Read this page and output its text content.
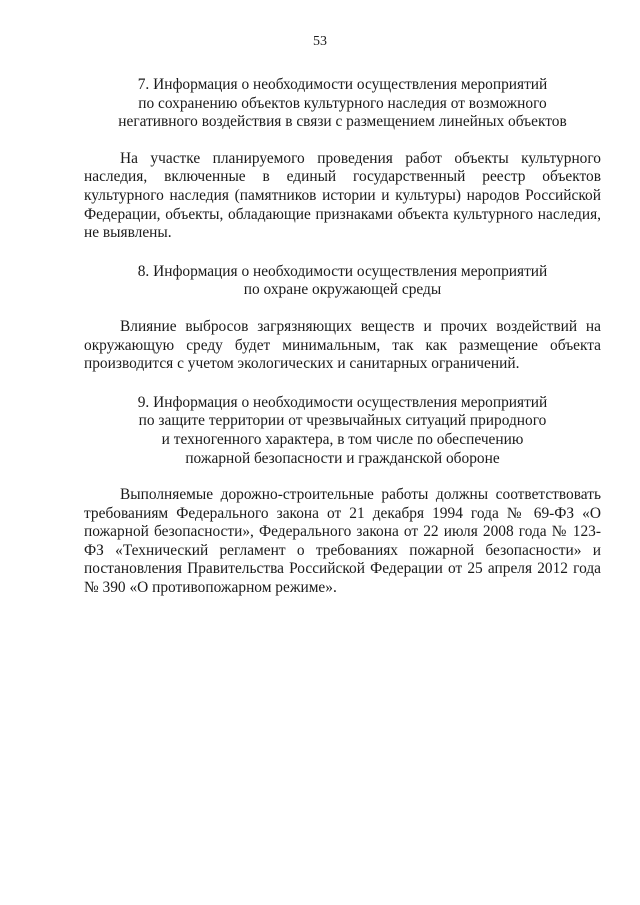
53

7. Информация о необходимости осуществления мероприятий
по сохранению объектов культурного наследия от возможного
негативного воздействия в связи с размещением линейных объектов

На участке планируемого проведения работ объекты культурного наследия, включенные в единый государственный реестр объектов культурного наследия (памятников истории и культуры) народов Российской Федерации, объекты, обладающие признаками объекта культурного наследия, не выявлены.

8. Информация о необходимости осуществления мероприятий
по охране окружающей среды

Влияние выбросов загрязняющих веществ и прочих воздействий на окружающую среду будет минимальным, так как размещение объекта производится с учетом экологических и санитарных ограничений.

9. Информация о необходимости осуществления мероприятий
по защите территории от чрезвычайных ситуаций природного
и техногенного характера, в том числе по обеспечению
пожарной безопасности и гражданской обороне

Выполняемые дорожно-строительные работы должны соответствовать требованиям Федерального закона от 21 декабря 1994 года № 69-ФЗ «О пожарной безопасности», Федерального закона от 22 июля 2008 года № 123-ФЗ «Технический регламент о требованиях пожарной безопасности» и постановления Правительства Российской Федерации от 25 апреля 2012 года № 390 «О противопожарном режиме».
